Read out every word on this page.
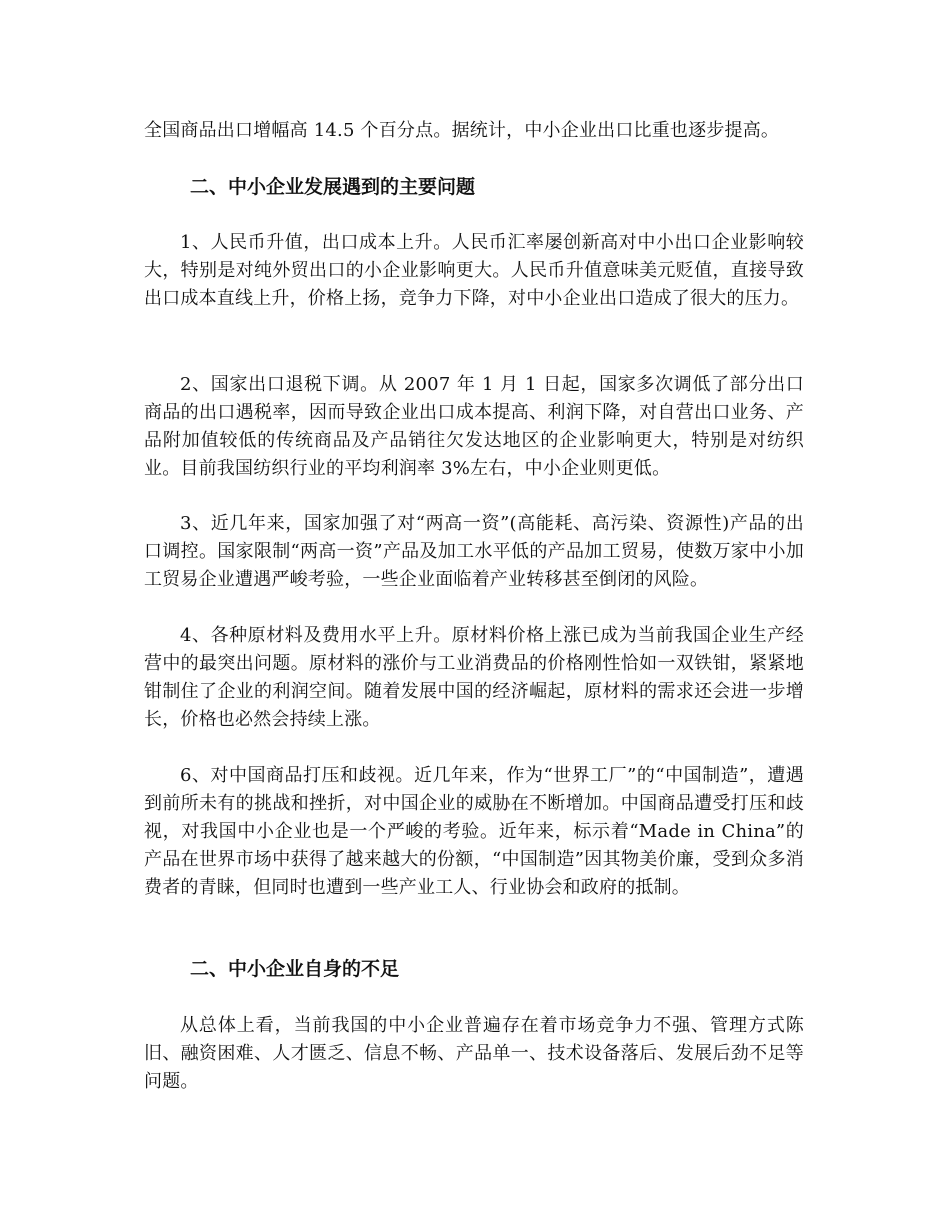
全国商品出口增幅高 14.5 个百分点。据统计，中小企业出口比重也逐步提高。

二、中小企业发展遇到的主要问题

1、人民币升值，出口成本上升。人民币汇率屡创新高对中小出口企业影响较大，特别是对纯外贸出口的小企业影响更大。人民币升值意味美元贬值，直接导致出口成本直线上升，价格上扬，竞争力下降，对中小企业出口造成了很大的压力。

2、国家出口退税下调。从 2007 年 1 月 1 日起，国家多次调低了部分出口商品的出口遇税率，因而导致企业出口成本提高、利润下降，对自营出口业务、产品附加值较低的传统商品及产品销往欠发达地区的企业影响更大，特别是对纺织业。目前我国纺织行业的平均利润率 3%左右，中小企业则更低。

3、近几年来，国家加强了对“两高一资”(高能耗、高污染、资源性)产品的出口调控。国家限制“两高一资”产品及加工水平低的产品加工贸易，使数万家中小加工贸易企业遭遇严峻考验，一些企业面临着产业转移甚至倒闭的风险。

4、各种原材料及费用水平上升。原材料价格上涨已成为当前我国企业生产经营中的最突出问题。原材料的涨价与工业消费品的价格刚性恰如一双铁钳，紧紧地钳制住了企业的利润空间。随着发展中国的经济崛起，原材料的需求还会进一步增长，价格也必然会持续上涨。

6、对中国商品打压和歧视。近几年来，作为“世界工厂”的“中国制造”，遭遇到前所未有的挑战和挫折，对中国企业的威胁在不断增加。中国商品遭受打压和歧视，对我国中小企业也是一个严峻的考验。近年来，标示着“Made in China”的产品在世界市场中获得了越来越大的份额，“中国制造”因其物美价廉，受到众多消费者的青睐，但同时也遭到一些产业工人、行业协会和政府的抵制。

二、中小企业自身的不足

从总体上看，当前我国的中小企业普遍存在着市场竞争力不强、管理方式陈旧、融资困难、人才匮乏、信息不畅、产品单一、技术设备落后、发展后劲不足等问题。
